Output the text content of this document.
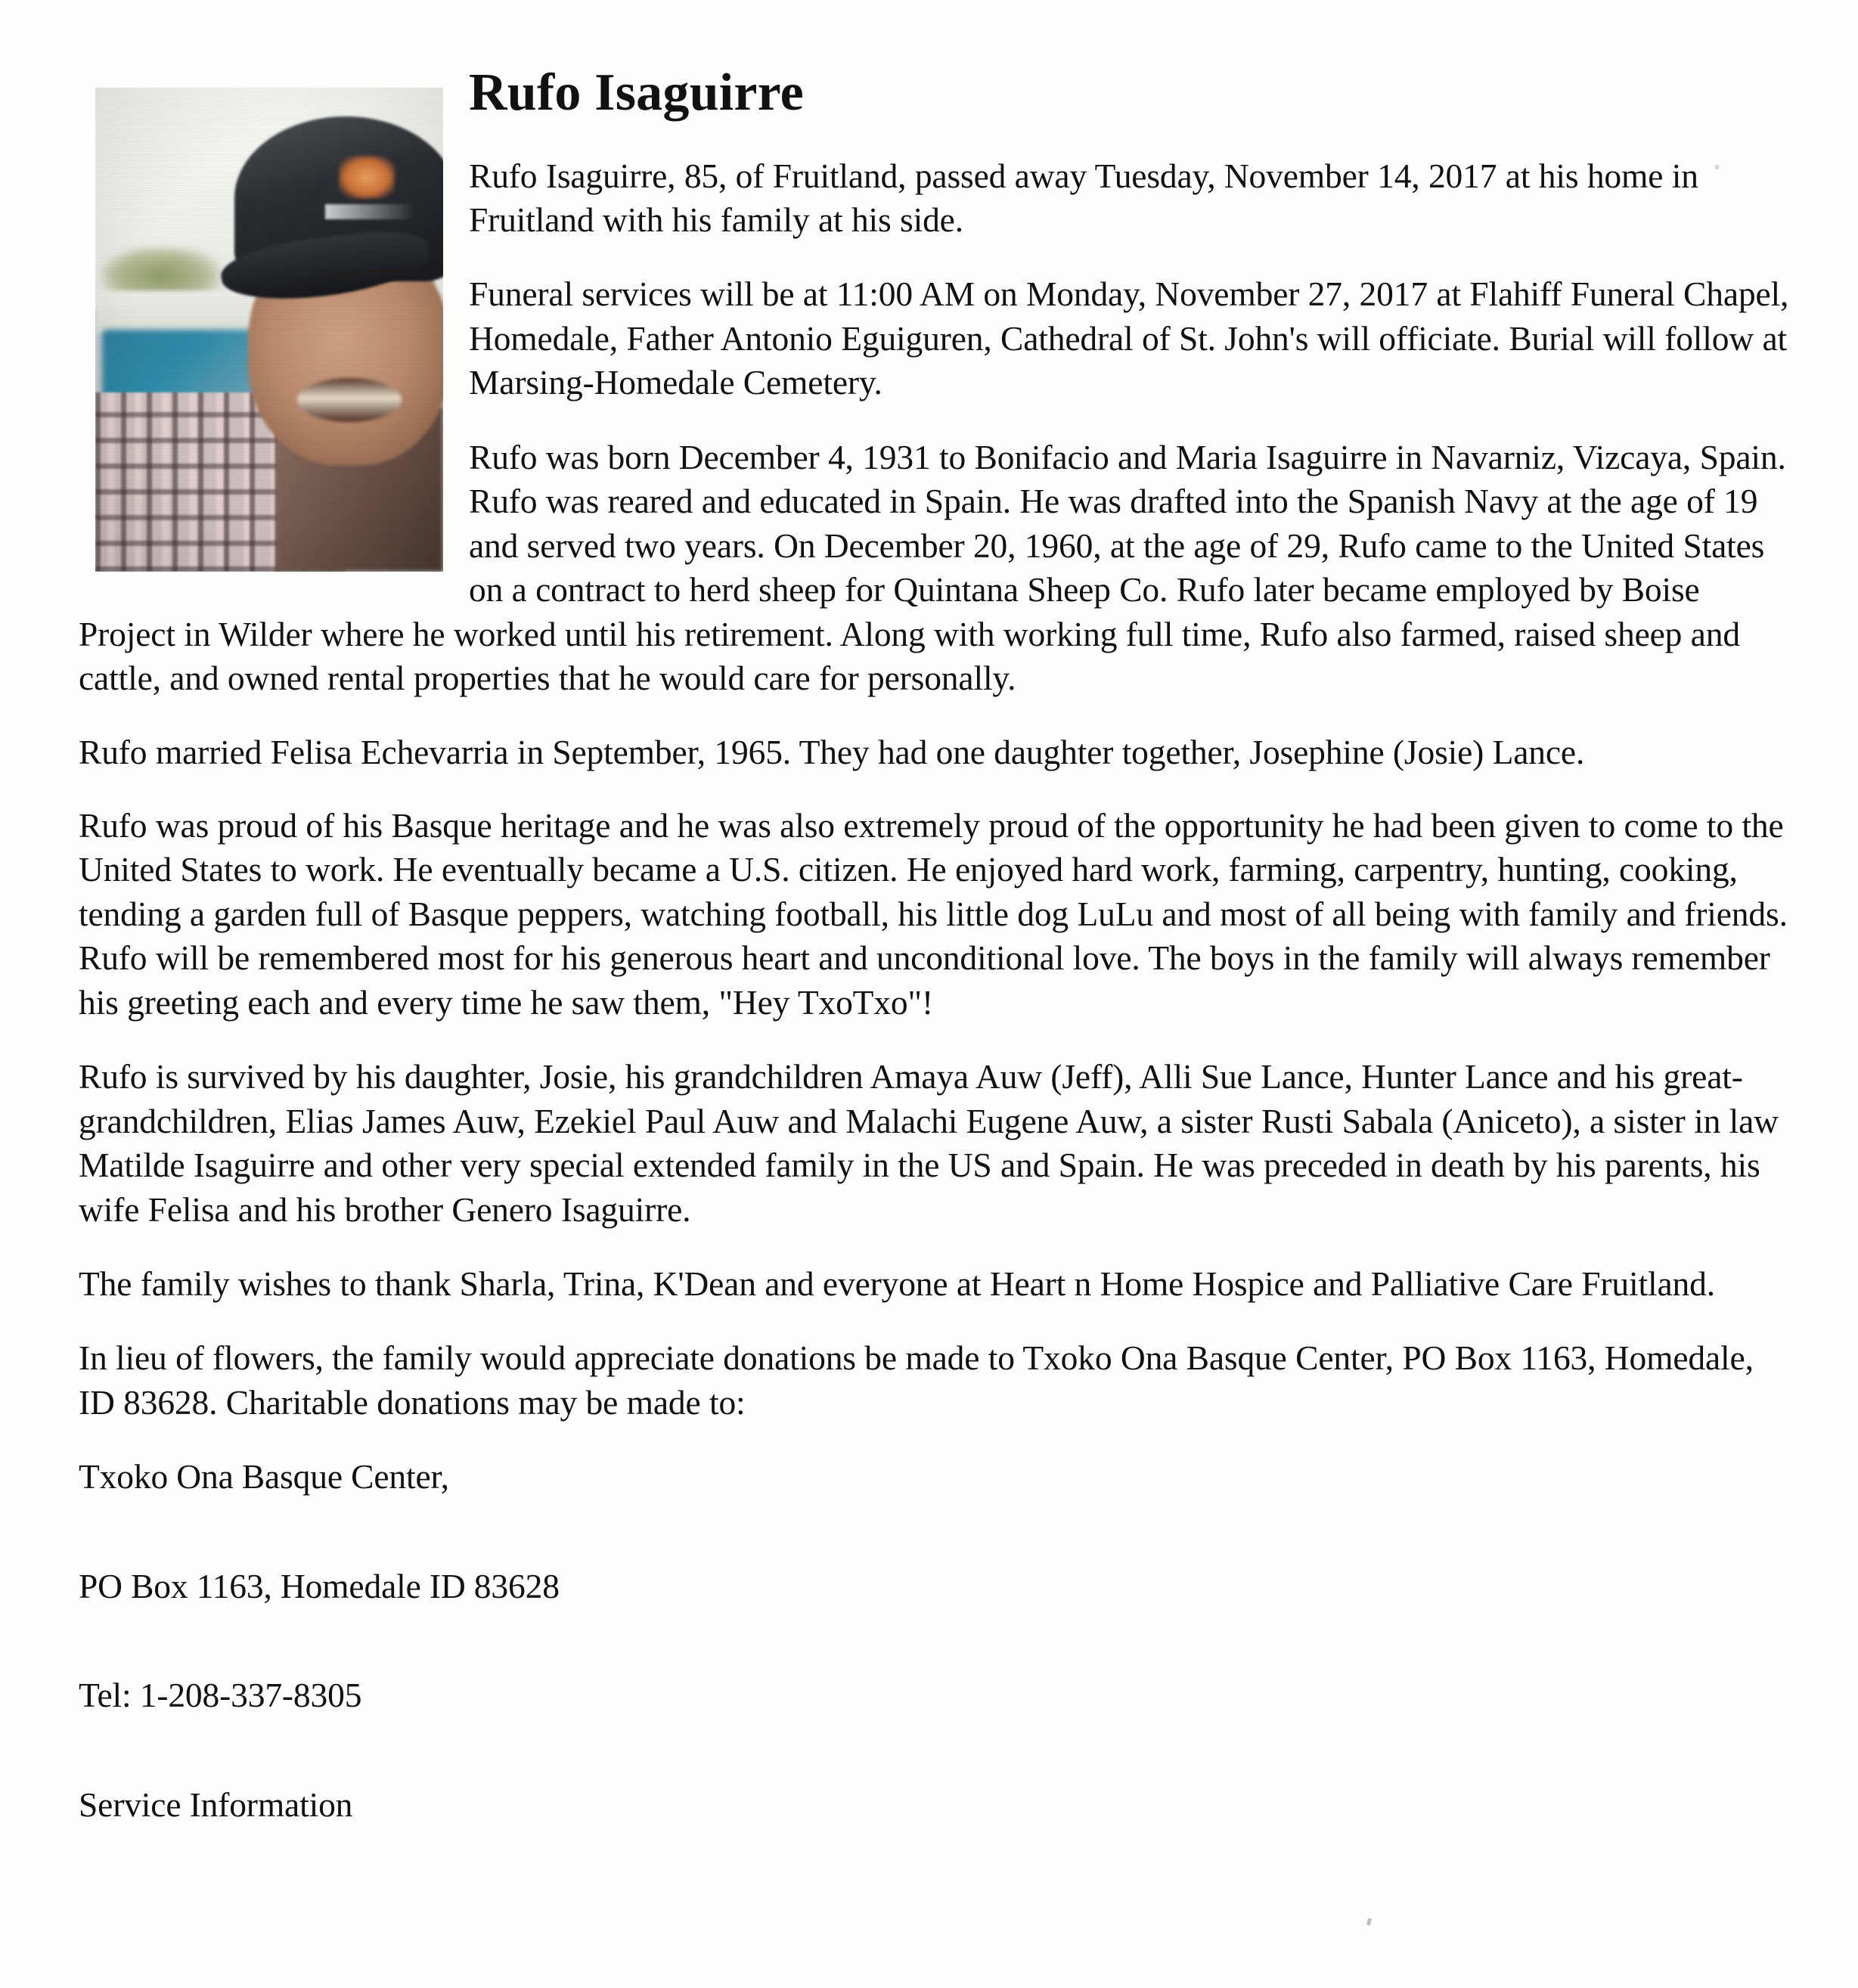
Rufo Isaguirre

Rufo Isaguirre, 85, of Fruitland, passed away Tuesday, November 14, 2017 at his home in Fruitland with his family at his side.

Funeral services will be at 11:00 AM on Monday, November 27, 2017 at Flahiff Funeral Chapel, Homedale, Father Antonio Eguiguren, Cathedral of St. John's will officiate. Burial will follow at Marsing-Homedale Cemetery.

Rufo was born December 4, 1931 to Bonifacio and Maria Isaguirre in Navarniz, Vizcaya, Spain. Rufo was reared and educated in Spain. He was drafted into the Spanish Navy at the age of 19 and served two years. On December 20, 1960, at the age of 29, Rufo came to the United States on a contract to herd sheep for Quintana Sheep Co. Rufo later became employed by Boise Project in Wilder where he worked until his retirement. Along with working full time, Rufo also farmed, raised sheep and cattle, and owned rental properties that he would care for personally.

Rufo married Felisa Echevarria in September, 1965. They had one daughter together, Josephine (Josie) Lance.

Rufo was proud of his Basque heritage and he was also extremely proud of the opportunity he had been given to come to the United States to work. He eventually became a U.S. citizen. He enjoyed hard work, farming, carpentry, hunting, cooking, tending a garden full of Basque peppers, watching football, his little dog LuLu and most of all being with family and friends. Rufo will be remembered most for his generous heart and unconditional love. The boys in the family will always remember his greeting each and every time he saw them, "Hey TxoTxo"!

Rufo is survived by his daughter, Josie, his grandchildren Amaya Auw (Jeff), Alli Sue Lance, Hunter Lance and his great-grandchildren, Elias James Auw, Ezekiel Paul Auw and Malachi Eugene Auw, a sister Rusti Sabala (Aniceto), a sister in law Matilde Isaguirre and other very special extended family in the US and Spain. He was preceded in death by his parents, his wife Felisa and his brother Genero Isaguirre.

The family wishes to thank Sharla, Trina, K'Dean and everyone at Heart n Home Hospice and Palliative Care Fruitland.

In lieu of flowers, the family would appreciate donations be made to Txoko Ona Basque Center, PO Box 1163, Homedale, ID 83628. Charitable donations may be made to:

Txoko Ona Basque Center,

PO Box 1163, Homedale ID 83628

Tel: 1-208-337-8305

Service Information
